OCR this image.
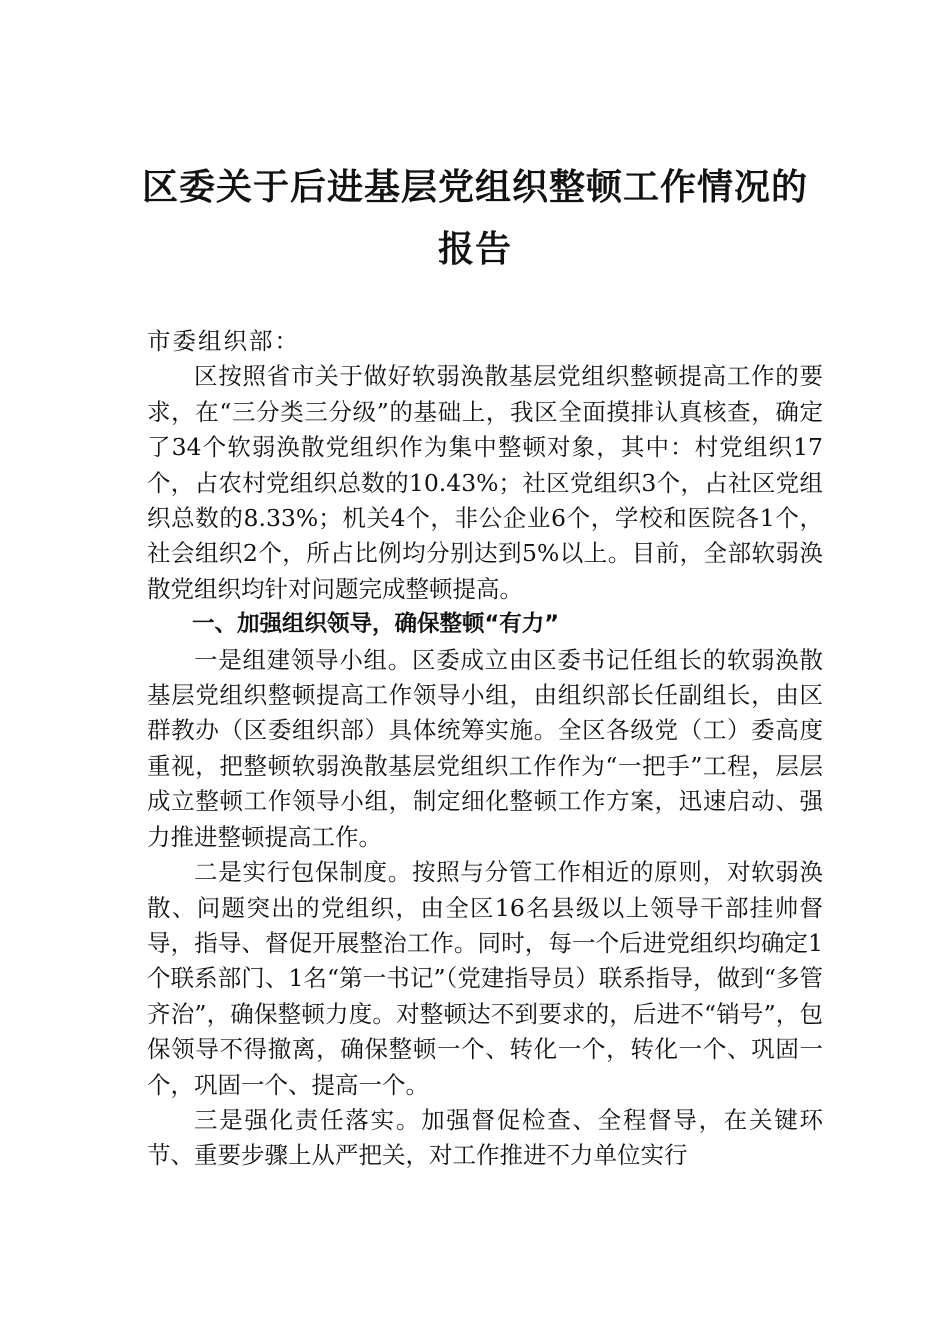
区委关于后进基层党组织整顿工作情况的
报告

市委组织部：

区按照省市关于做好软弱涣散基层党组织整顿提高工作的要求，在“三分类三分级”的基础上，我区全面摸排认真核查，确定了34个软弱涣散党组织作为集中整顿对象，其中：村党组织17个，占农村党组织总数的10.43%；社区党组织3个，占社区党组织总数的8.33%；机关4个，非公企业6个，学校和医院各1个，社会组织2个，所占比例均分别达到5%以上。目前，全部软弱涣散党组织均针对问题完成整顿提高。

一、加强组织领导，确保整顿“有力”

一是组建领导小组。区委成立由区委书记任组长的软弱涣散基层党组织整顿提高工作领导小组，由组织部长任副组长，由区群教办（区委组织部）具体统筹实施。全区各级党（工）委高度重视，把整顿软弱涣散基层党组织工作作为“一把手”工程，层层成立整顿工作领导小组，制定细化整顿工作方案，迅速启动、强力推进整顿提高工作。

二是实行包保制度。按照与分管工作相近的原则，对软弱涣散、问题突出的党组织，由全区16名县级以上领导干部挂帅督导，指导、督促开展整治工作。同时，每一个后进党组织均确定1个联系部门、1名“第一书记”（党建指导员）联系指导，做到“多管齐治”，确保整顿力度。对整顿达不到要求的，后进不“销号”，包保领导不得撤离，确保整顿一个、转化一个，转化一个、巩固一个，巩固一个、提高一个。

三是强化责任落实。加强督促检查、全程督导，在关键环节、重要步骤上从严把关，对工作推进不力单位实行
